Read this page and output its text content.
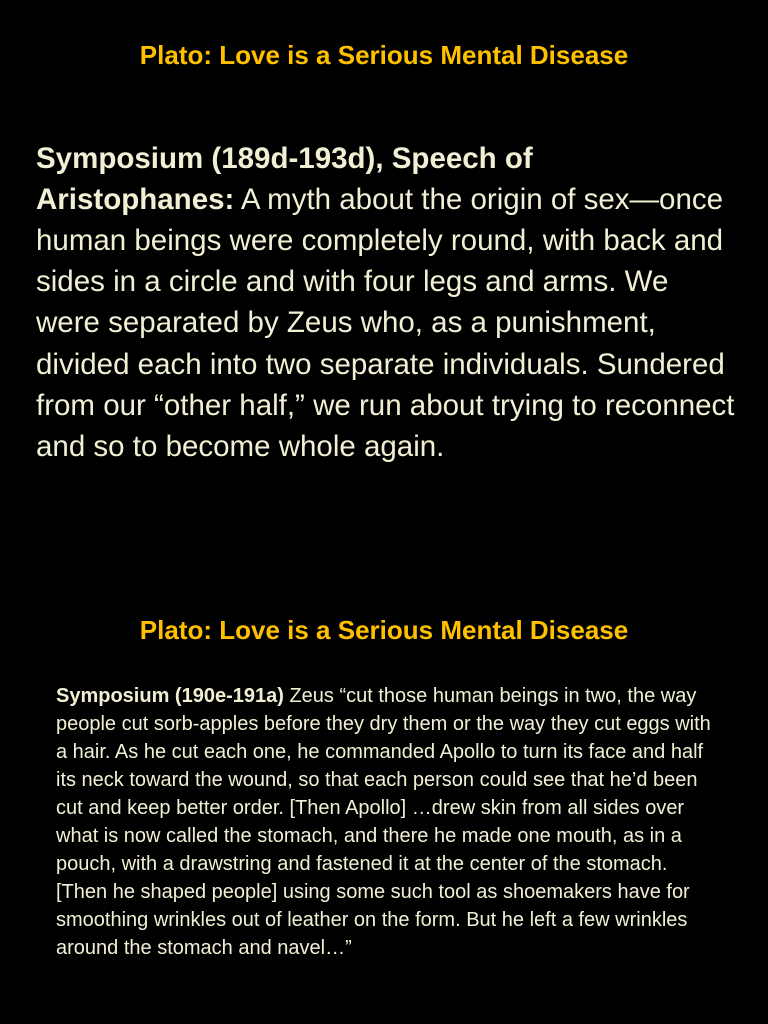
Plato: Love is a Serious Mental Disease

Symposium (189d-193d), Speech of Aristophanes: A myth about the origin of sex—once human beings were completely round, with back and sides in a circle and with four legs and arms. We were separated by Zeus who, as a punishment, divided each into two separate individuals. Sundered from our “other half,” we run about trying to reconnect and so to become whole again.

Plato: Love is a Serious Mental Disease

Symposium (190e-191a) Zeus “cut those human beings in two, the way people cut sorb-apples before they dry them or the way they cut eggs with a hair. As he cut each one, he commanded Apollo to turn its face and half its neck toward the wound, so that each person could see that he’d been cut and keep better order. [Then Apollo] …drew skin from all sides over what is now called the stomach, and there he made one mouth, as in a pouch, with a drawstring and fastened it at the center of the stomach. [Then he shaped people] using some such tool as shoemakers have for smoothing wrinkles out of leather on the form. But he left a few wrinkles around the stomach and navel…”
